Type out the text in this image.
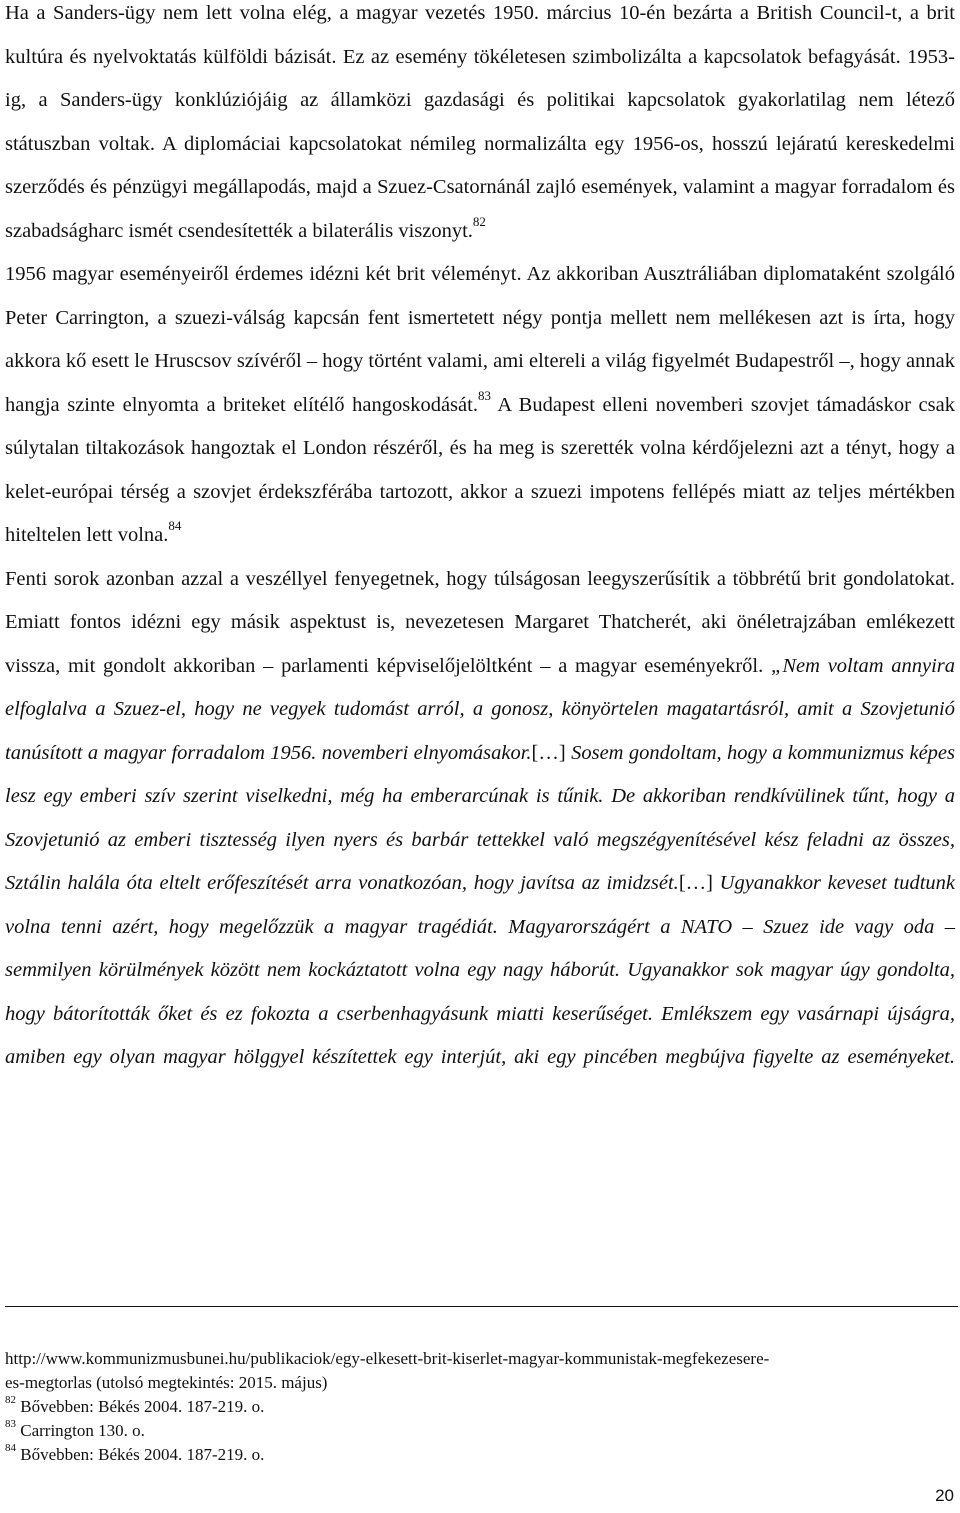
Ha a Sanders-ügy nem lett volna elég, a magyar vezetés 1950. március 10-én bezárta a British Council-t, a brit kultúra és nyelvoktatás külföldi bázisát. Ez az esemény tökéletesen szimbolizálta a kapcsolatok befagyását. 1953-ig, a Sanders-ügy konklúziójáig az államközi gazdasági és politikai kapcsolatok gyakorlatilag nem létező státuszban voltak. A diplomáciai kapcsolatokat némileg normalizálta egy 1956-os, hosszú lejáratú kereskedelmi szerződés és pénzügyi megállapodás, majd a Szuez-Csatornánál zajló események, valamint a magyar forradalom és szabadságharc ismét csendesítették a bilaterális viszonyt.$^{82}$

1956 magyar eseményeiről érdemes idézni két brit véleményt. Az akkoriban Ausztráliában diplomataként szolgáló Peter Carrington, a szuezi-válság kapcsán fent ismertetett négy pontja mellett nem mellékesen azt is írta, hogy akkora kő esett le Hruscsov szívéről ‒ hogy történt valami, ami eltereli a világ figyelmét Budapestről ‒, hogy annak hangja szinte elnyomta a briteket elítélő hangoskodását.$^{83}$ A Budapest elleni novemberi szovjet támadáskor csak súlytalan tiltakozások hangoztak el London részéről, és ha meg is szerették volna kérdőjelezni azt a tényt, hogy a kelet-európai térség a szovjet érdekszférába tartozott, akkor a szuezi impotens fellépés miatt az teljes mértékben hiteltelen lett volna.$^{84}$

Fenti sorok azonban azzal a veszéllyel fenyegetnek, hogy túlságosan leegyszerűsítik a többrétű brit gondolatokat. Emiatt fontos idézni egy másik aspektust is, nevezetesen Margaret Thatcherét, aki önéletrajzában emlékezett vissza, mit gondolt akkoriban ‒ parlamenti képviselőjelöltként ‒ a magyar eseményekről. „Nem voltam annyira elfoglalva a Szuez-el, hogy ne vegyek tudomást arról, a gonosz, könyörtelen magatartásról, amit a Szovjetunió tanúsított a magyar forradalom 1956. novemberi elnyomásakor.[…] Sosem gondoltam, hogy a kommunizmus képes lesz egy emberi szív szerint viselkedni, még ha emberarcúnak is tűnik. De akkoriban rendkívülinek tűnt, hogy a Szovjetunió az emberi tisztesség ilyen nyers és barbár tettekkel való megszégyenítésével kész feladni az összes, Sztálin halála óta eltelt erőfeszítését arra vonatkozóan, hogy javítsa az imidzsét.[…] Ugyanakkor keveset tudtunk volna tenni azért, hogy megelőzzük a magyar tragédiát. Magyarországért a NATO ‒ Szuez ide vagy oda ‒ semmilyen körülmények között nem kockáztatott volna egy nagy háborút. Ugyanakkor sok magyar úgy gondolta, hogy bátorították őket és ez fokozta a cserbenhagyásunk miatti keserűséget. Emlékszem egy vasárnapi újságra, amiben egy olyan magyar hölggyel készítettek egy interjút, aki egy pincében megbújva figyelte az eseményeket.

http://www.kommunizmusbunei.hu/publikaciok/egy-elkesett-brit-kiserlet-magyar-kommunistak-megfekezesere-

es-megtorlas (utolsó megtekintés: 2015. május)

$^{82}$ Bővebben: Békés 2004. 187-219. o.

$^{83}$ Carrington 130. o.

$^{84}$ Bővebben: Békés 2004. 187-219. o.

20
